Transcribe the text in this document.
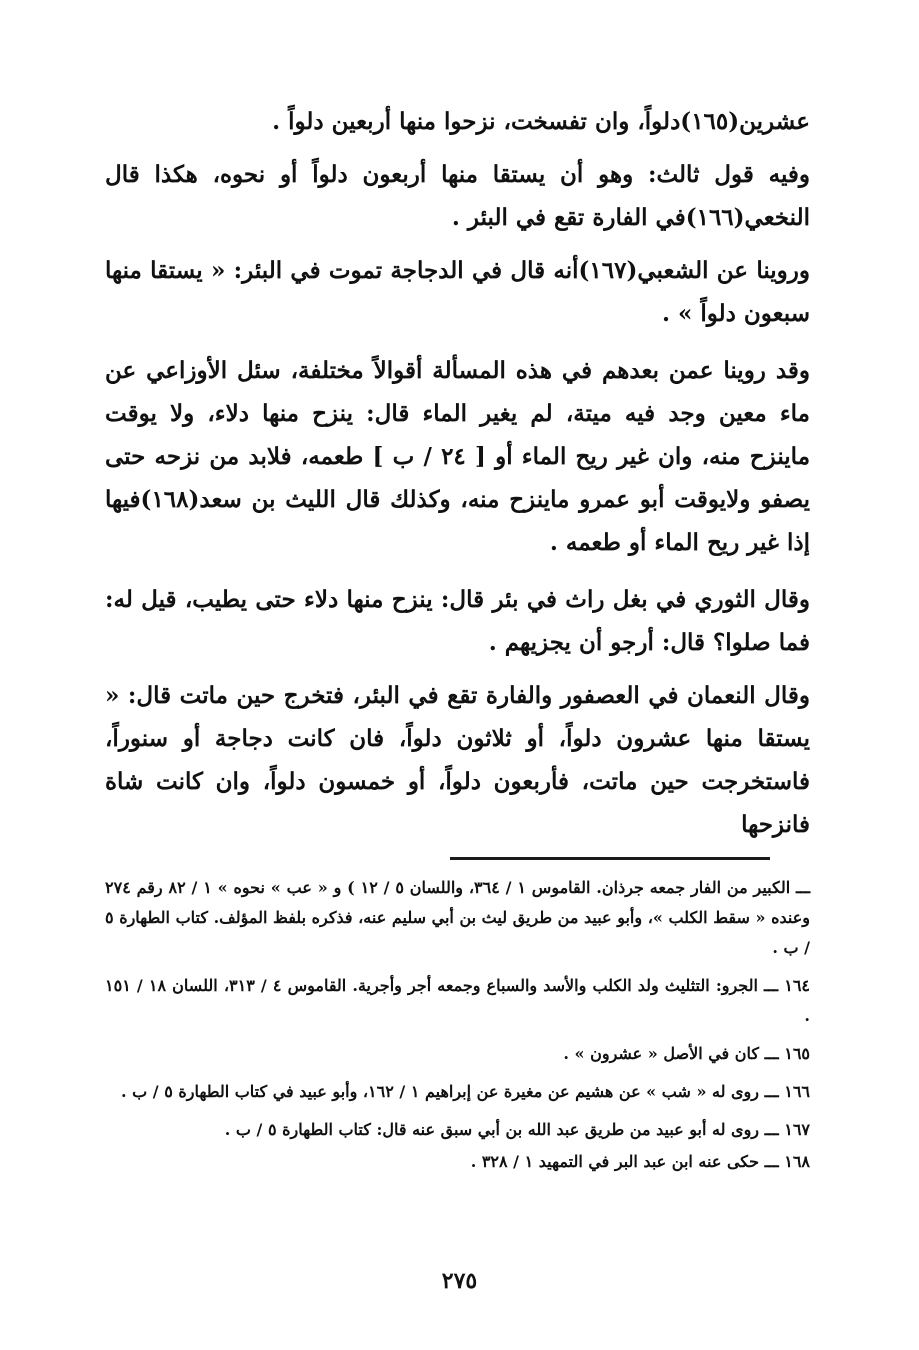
عشرين(١٦٥)دلواً، وان تفسخت، نزحوا منها أربعين دلواً .

وفيه قول ثالث: وهو أن يستقا منها أربعون دلواً أو نحوه، هكذا قال النخعي(١٦٦)في الفارة تقع في البئر .

وروينا عن الشعبي(١٦٧)أنه قال في الدجاجة تموت في البئر: « يستقا منها سبعون دلواً » .

وقد روينا عمن بعدهم في هذه المسألة أقوالاً مختلفة، سئل الأوزاعي عن ماء معين وجد فيه ميتة، لم يغير الماء قال: ينزح منها دلاء، ولا يوقت ماينزح منه، وان غير ريح الماء أو [ ٢٤ / ب ] طعمه، فلابد من نزحه حتى يصفو ولايوقت أبو عمرو ماينزح منه، وكذلك قال الليث بن سعد(١٦٨)فيها إذا غير ريح الماء أو طعمه .

وقال الثوري في بغل راث في بئر قال: ينزح منها دلاء حتى يطيب، قيل له: فما صلوا؟ قال: أرجو أن يجزيهم .

وقال النعمان في العصفور والفارة تقع في البئر، فتخرج حين ماتت قال: « يستقا منها عشرون دلواً، أو ثلاثون دلواً، فان كانت دجاجة أو سنوراً، فاستخرجت حين ماتت، فأربعون دلواً، أو خمسون دلواً، وان كانت شاة فانزحها

ـــ الكبير من الفار جمعه جرذان. القاموس ١ / ٣٦٤، واللسان ٥ / ١٢ ) و « عب » نحوه » ١ / ٨٢ رقم ٢٧٤ وعنده « سقط الكلب »، وأبو عبيد من طريق ليث بن أبي سليم عنه، فذكره بلفظ المؤلف. كتاب الطهارة ٥ / ب .

١٦٤ ـــ الجرو: التثليث ولد الكلب والأسد والسباع وجمعه أجر وأجرية. القاموس ٤ / ٣١٣، اللسان ١٨ / ١٥١ .

١٦٥ ـــ كان في الأصل « عشرون » .

١٦٦ ـــ روى له « شب » عن هشيم عن مغيرة عن إبراهيم ١ / ١٦٢، وأبو عبيد في كتاب الطهارة ٥ / ب .

١٦٧ ـــ روى له أبو عبيد من طريق عبد الله بن أبي سبق عنه قال: كتاب الطهارة ٥ / ب .

١٦٨ ـــ حكى عنه ابن عبد البر في التمهيد ١ / ٣٢٨ .

٢٧٥
